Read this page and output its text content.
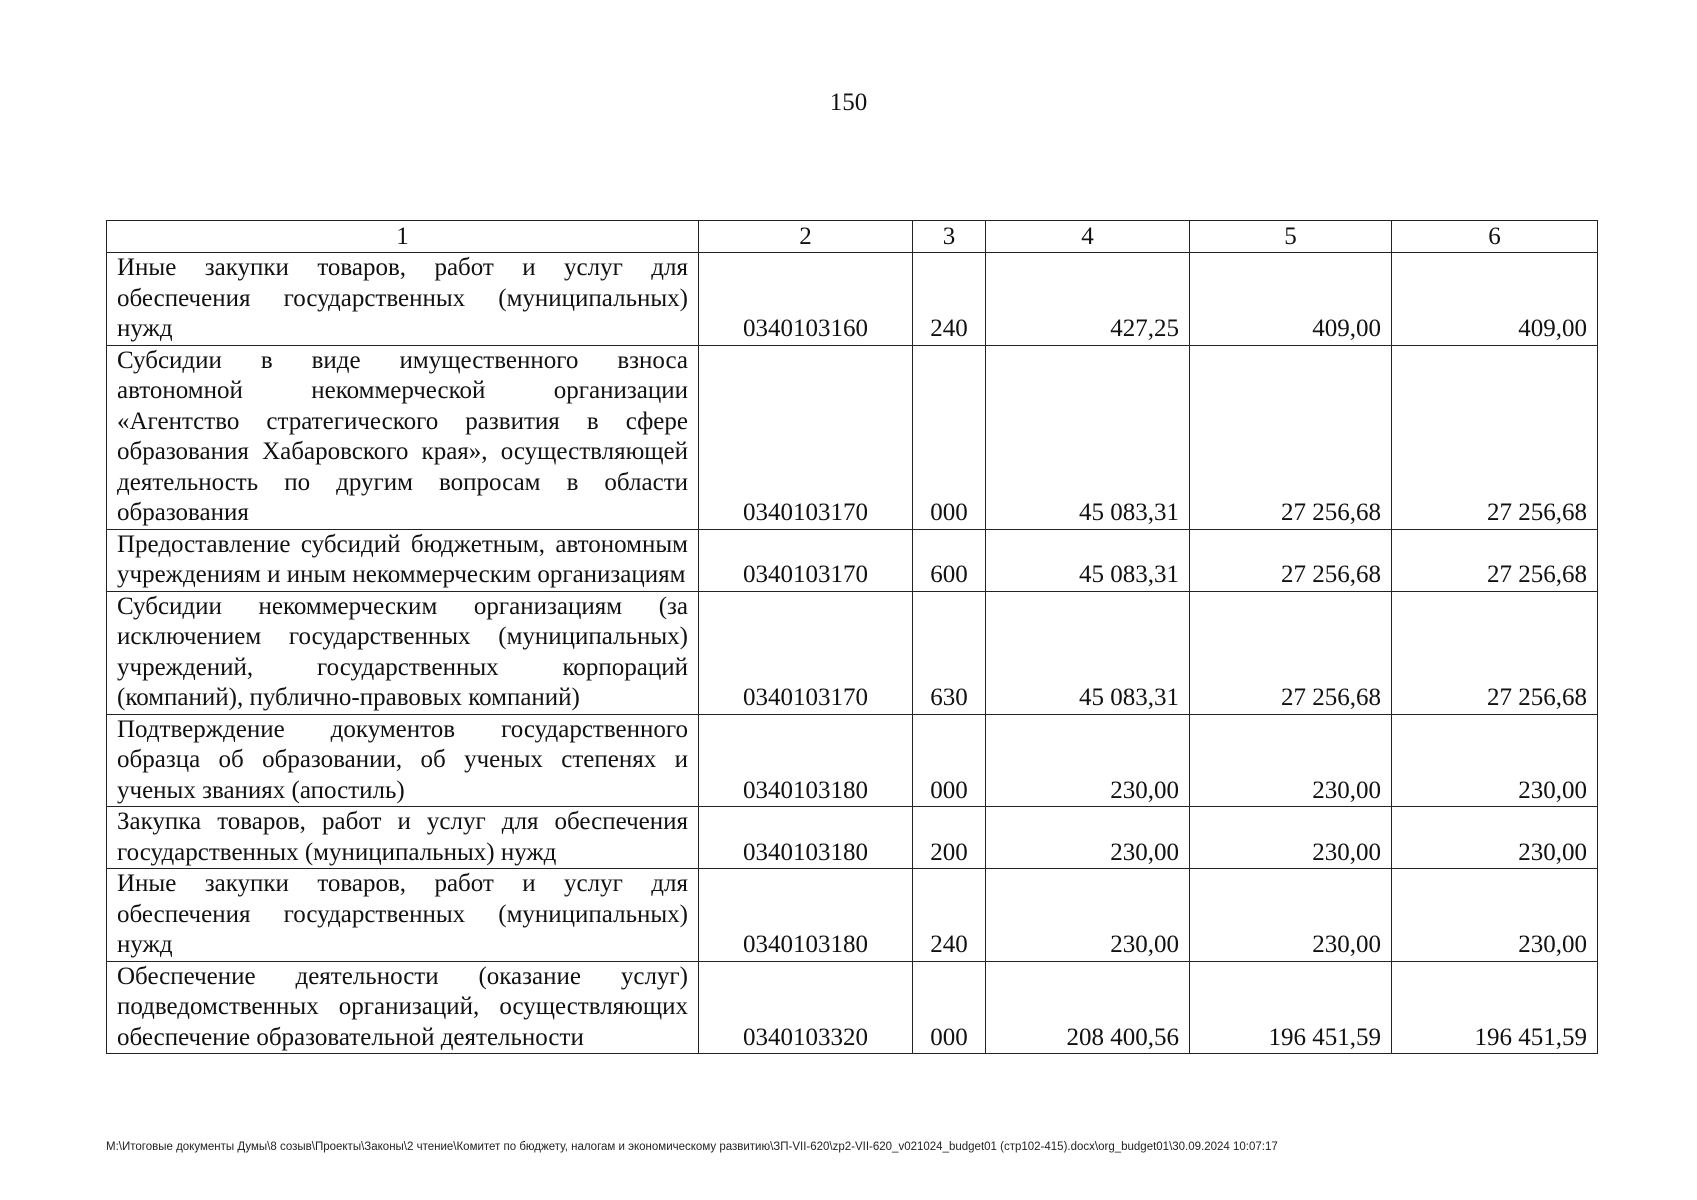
150
1	2	3	4	5	6
Иные закупки товаров, работ и услуг для обеспечения государственных (муниципальных) нужд	0340103160	240	427,25	409,00	409,00
Субсидии в виде имущественного взноса автономной некоммерческой организации «Агентство стратегического развития в сфере образования Хабаровского края», осуществляющей деятельность по другим вопросам в области образования	0340103170	000	45 083,31	27 256,68	27 256,68
Предоставление субсидий бюджетным, автономным учреждениям и иным некоммерческим организациям	0340103170	600	45 083,31	27 256,68	27 256,68
Субсидии некоммерческим организациям (за исключением государственных (муниципальных) учреждений, государственных корпораций (компаний), публично-правовых компаний)	0340103170	630	45 083,31	27 256,68	27 256,68
Подтверждение документов государственного образца об образовании, об ученых степенях и ученых званиях (апостиль)	0340103180	000	230,00	230,00	230,00
Закупка товаров, работ и услуг для обеспечения государственных (муниципальных) нужд	0340103180	200	230,00	230,00	230,00
Иные закупки товаров, работ и услуг для обеспечения государственных (муниципальных) нужд	0340103180	240	230,00	230,00	230,00
Обеспечение деятельности (оказание услуг) подведомственных организаций, осуществляющих обеспечение образовательной деятельности	0340103320	000	208 400,56	196 451,59	196 451,59
M:\Итоговые документы Думы\8 созыв\Проекты\Законы\2 чтение\Комитет по бюджету, налогам и экономическому развитию\ЗП-VII-620\zp2-VII-620_v021024_budget01 (стр102-415).docx\org_budget01\30.09.2024 10:07:17
